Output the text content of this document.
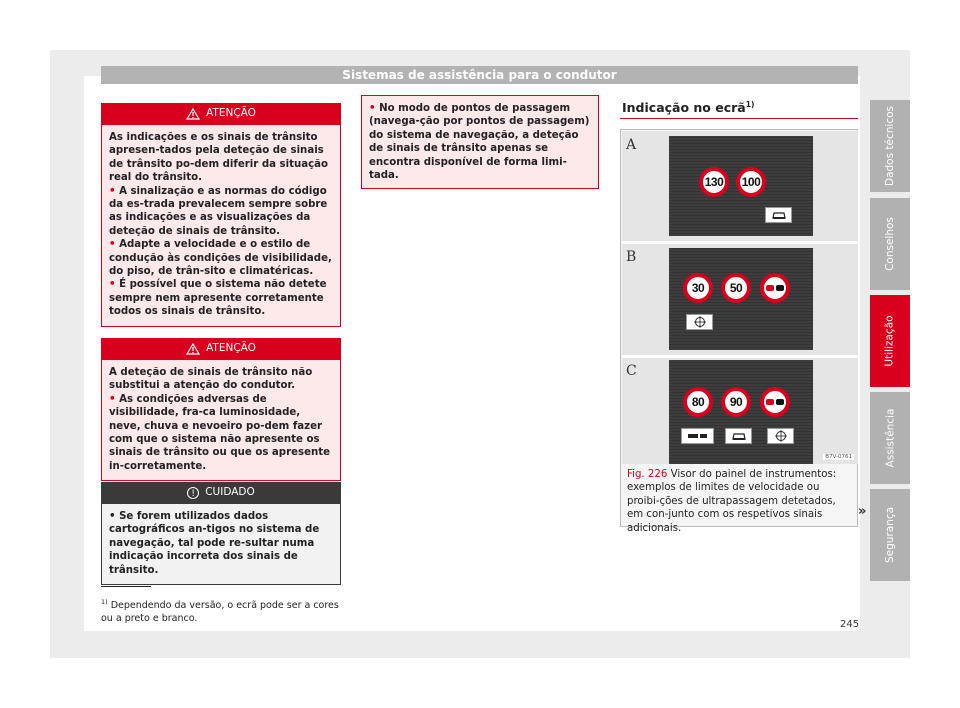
Sistemas de assistência para o condutor
ATENÇÃO

As indicações e os sinais de trânsito apresen-tados pela deteção de sinais de trânsito po-dem diferir da situação real do trânsito.

• A sinalização e as normas do código da es-trada prevalecem sempre sobre as indicações e as visualizações da deteção de sinais de trânsito.

• Adapte a velocidade e o estilo de condução às condições de visibilidade, do piso, de trân-sito e climatéricas.

• É possível que o sistema não detete sempre nem apresente corretamente todos os sinais de trânsito.

ATENÇÃO

A deteção de sinais de trânsito não substitui a atenção do condutor.

• As condições adversas de visibilidade, fra-ca luminosidade, neve, chuva e nevoeiro po-dem fazer com que o sistema não apresente os sinais de trânsito ou que os apresente in-corretamente.

! CUIDADO

• Se forem utilizados dados cartográficos an-tigos no sistema de navegação, tal pode re-sultar numa indicação incorreta dos sinais de trânsito.

• No modo de pontos de passagem (navega-ção por pontos de passagem) do sistema de navegação, a deteção de sinais de trânsito apenas se encontra disponível de forma limi-tada.
Indicação no ecrã$^{1)}$
A
130	100
B
30	50
C
80	90
B7V-0761
Fig. 226 Visor do painel de instrumentos: exemplos de limites de velocidade ou proibi-ções de ultrapassagem detetados, em con-junto com os respetivos sinais adicionais.
»
$^{1)}$ Dependendo da versão, o ecrã pode ser a cores ou a preto e branco.
245
Dados técnicos
Conselhos
Utilização
Assistência
Segurança
